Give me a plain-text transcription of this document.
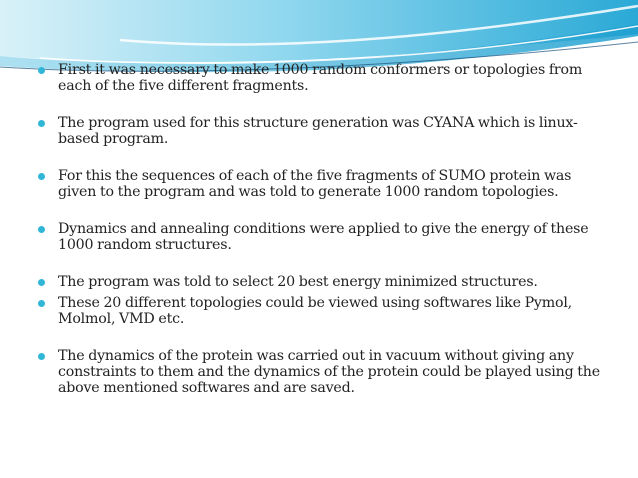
First it was necessary to make 1000 random conformers or topologies from each of the five different fragments.
The program used for this structure generation was CYANA which is linux-based program.
For this the sequences of each of the five fragments of SUMO protein was given to the program and was told to generate 1000 random topologies.
Dynamics and annealing conditions were applied to give the energy of these 1000 random structures.
The program was told to select 20 best energy minimized structures.
These 20 different topologies could be viewed using softwares like Pymol, Molmol, VMD etc.
The dynamics of the protein was carried out in vacuum without giving any constraints to them and the dynamics of the protein could be played using the above mentioned softwares and are saved.
